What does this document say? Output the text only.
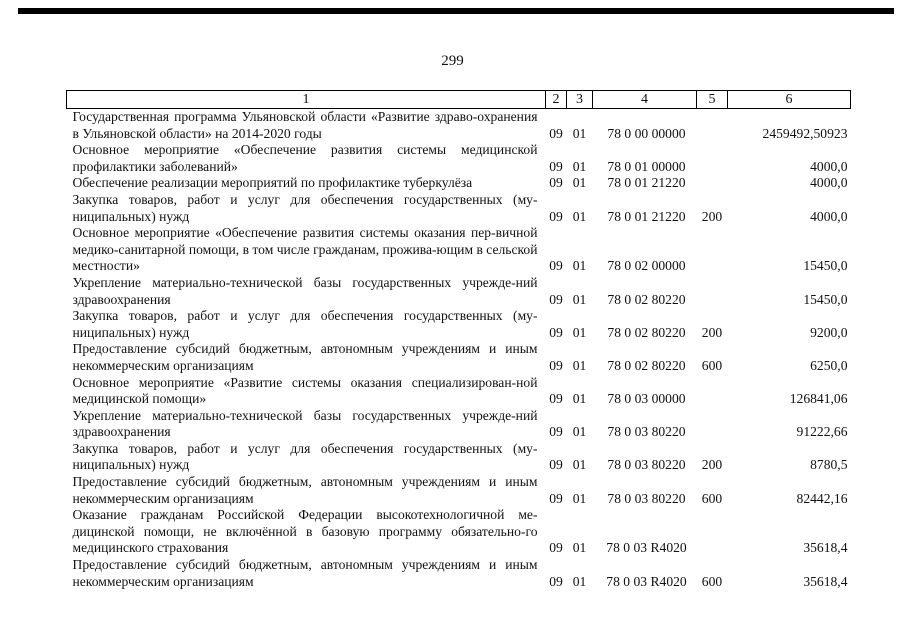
299
1	2	3	4	5	6
Государственная программа Ульяновской области «Развитие здраво-охранения в Ульяновской области» на 2014-2020 годы	09	01	78 0 00 00000		2459492,50923
Основное мероприятие «Обеспечение развития системы медицинской профилактики заболеваний»	09	01	78 0 01 00000		4000,0
Обеспечение реализации мероприятий по профилактике туберкулёза	09	01	78 0 01 21220		4000,0
Закупка товаров, работ и услуг для обеспечения государственных (му-ниципальных) нужд	09	01	78 0 01 21220	200	4000,0
Основное мероприятие «Обеспечение развития системы оказания пер-вичной медико-санитарной помощи, в том числе гражданам, прожива-ющим в сельской местности»	09	01	78 0 02 00000		15450,0
Укрепление материально-технической базы государственных учрежде-ний здравоохранения	09	01	78 0 02 80220		15450,0
Закупка товаров, работ и услуг для обеспечения государственных (му-ниципальных) нужд	09	01	78 0 02 80220	200	9200,0
Предоставление субсидий бюджетным, автономным учреждениям и иным некоммерческим организациям	09	01	78 0 02 80220	600	6250,0
Основное мероприятие «Развитие системы оказания специализирован-ной медицинской помощи»	09	01	78 0 03 00000		126841,06
Укрепление материально-технической базы государственных учрежде-ний здравоохранения	09	01	78 0 03 80220		91222,66
Закупка товаров, работ и услуг для обеспечения государственных (му-ниципальных) нужд	09	01	78 0 03 80220	200	8780,5
Предоставление субсидий бюджетным, автономным учреждениям и иным некоммерческим организациям	09	01	78 0 03 80220	600	82442,16
Оказание гражданам Российской Федерации высокотехнологичной ме-дицинской помощи, не включённой в базовую программу обязательно-го медицинского страхования	09	01	78 0 03 R4020		35618,4
Предоставление субсидий бюджетным, автономным учреждениям и иным некоммерческим организациям	09	01	78 0 03 R4020	600	35618,4
